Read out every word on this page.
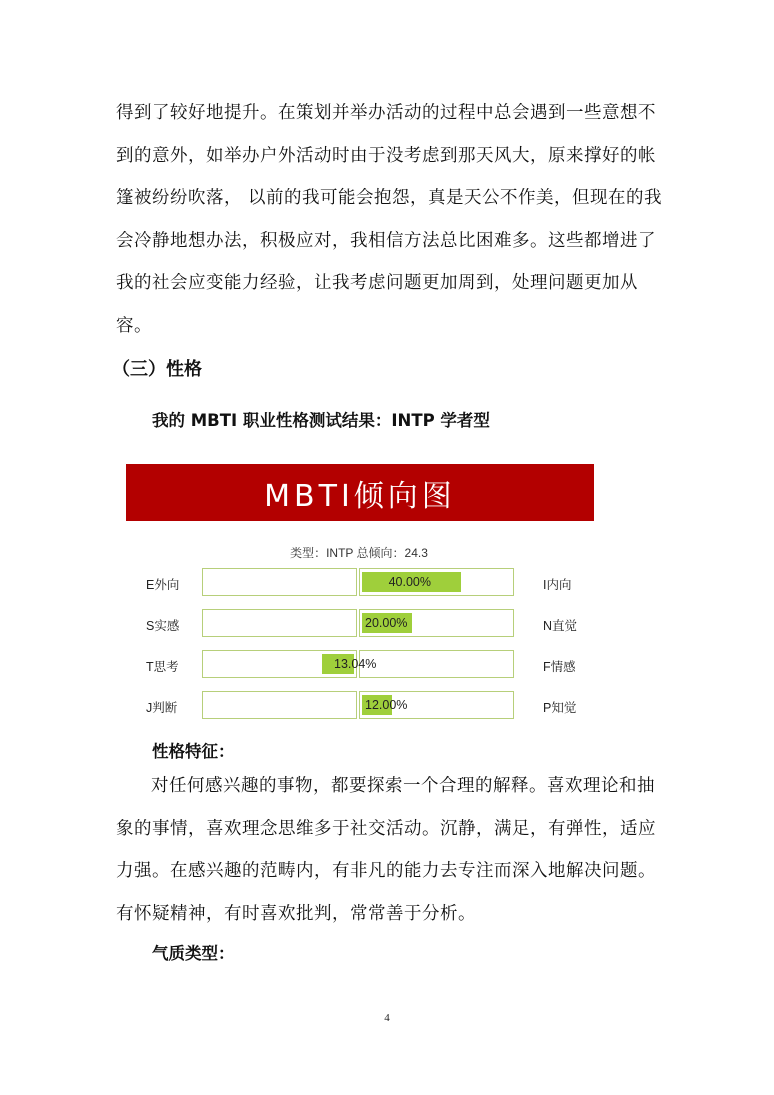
得到了较好地提升。在策划并举办活动的过程中总会遇到一些意想不到的意外，如举办户外活动时由于没考虑到那天风大，原来撑好的帐篷被纷纷吹落， 以前的我可能会抱怨，真是天公不作美，但现在的我会冷静地想办法，积极应对，我相信方法总比困难多。这些都增进了我的社会应变能力经验，让我考虑问题更加周到，处理问题更加从容。
（三）性格
我的 MBTI 职业性格测试结果：INTP 学者型
MBTI倾向图
类型：INTP 总倾向：24.3
E外向	40.00%	I内向
S实感	20.00%	N直觉
T思考	13.04%	F情感
J判断	12.00%	P知觉
性格特征：
对任何感兴趣的事物，都要探索一个合理的解释。喜欢理论和抽象的事情，喜欢理念思维多于社交活动。沉静，满足，有弹性，适应力强。在感兴趣的范畴内，有非凡的能力去专注而深入地解决问题。有怀疑精神，有时喜欢批判，常常善于分析。
气质类型：
4
